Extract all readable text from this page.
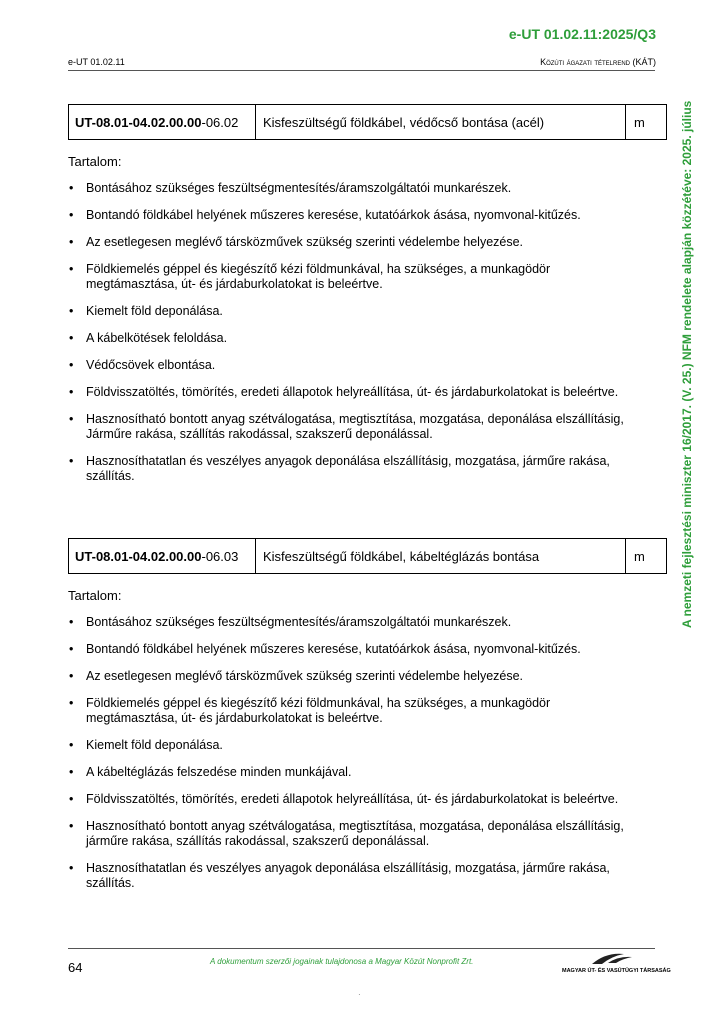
e-UT 01.02.11:2025/Q3
e-UT 01.02.11	Közúti ágazati tételrend (KÁT)
A nemzeti fejlesztési miniszter 16/2017. (V. 25.) NFM rendelete alapján közzétéve: 2025. július
UT-08.01-04.02.00.00 -06.02	Kisfeszültségű földkábel, védőcső bontása (acél)	m
Tartalom:
• Bontásához szükséges feszültségmentesítés/áramszolgáltatói munkarészek.
• Bontandó földkábel helyének műszeres keresése, kutatóárkok ásása, nyomvonal-kitűzés.
• Az esetlegesen meglévő társközművek szükség szerinti védelembe helyezése.
• Földkiemelés géppel és kiegészítő kézi földmunkával, ha szükséges, a munkagödör megtámasztása, út- és járdaburkolatokat is beleértve.
• Kiemelt föld deponálása.
• A kábelkötések feloldása.
• Védőcsövek elbontása.
• Földvisszatöltés, tömörítés, eredeti állapotok helyreállítása, út- és járdaburkolatokat is beleértve.
• Hasznosítható bontott anyag szétválogatása, megtisztítása, mozgatása, deponálása elszállításig, Járműre rakása, szállítás rakodással, szakszerű deponálással.
• Hasznosíthatatlan és veszélyes anyagok deponálása elszállításig, mozgatása, járműre rakása, szállítás.
UT-08.01-04.02.00.00 -06.03	Kisfeszültségű földkábel, kábeltéglázás bontása	m
Tartalom:
• Bontásához szükséges feszültségmentesítés/áramszolgáltatói munkarészek.
• Bontandó földkábel helyének műszeres keresése, kutatóárkok ásása, nyomvonal-kitűzés.
• Az esetlegesen meglévő társközművek szükség szerinti védelembe helyezése.
• Földkiemelés géppel és kiegészítő kézi földmunkával, ha szükséges, a munkagödör megtámasztása, út- és járdaburkolatokat is beleértve.
• Kiemelt föld deponálása.
• A kábeltéglázás felszedése minden munkájával.
• Földvisszatöltés, tömörítés, eredeti állapotok helyreállítása, út- és járdaburkolatokat is beleértve.
• Hasznosítható bontott anyag szétválogatása, megtisztítása, mozgatása, deponálása elszállításig, járműre rakása, szállítás rakodással, szakszerű deponálással.
• Hasznosíthatatlan és veszélyes anyagok deponálása elszállításig, mozgatása, járműre rakása, szállítás.
64	A dokumentum szerzői jogainak tulajdonosa a Magyar Közút Nonprofit Zrt.
MAGYAR ÚT- ÉS VASÚTÜGYI TÁRSASÁG
·
